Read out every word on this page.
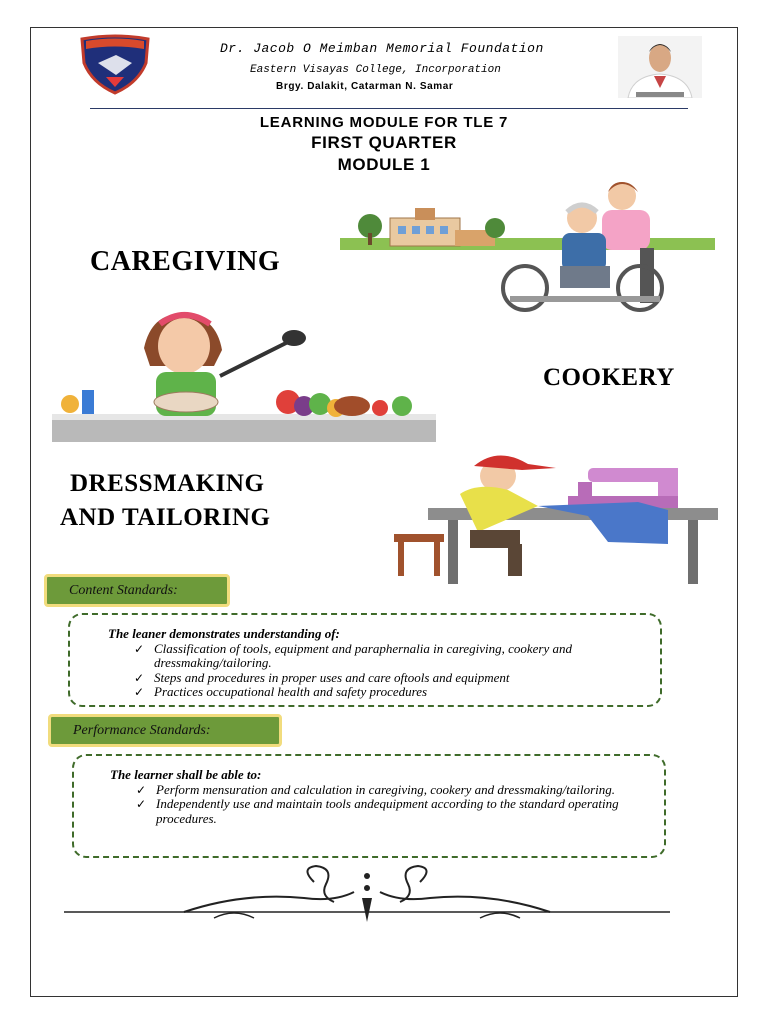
Dr. Jacob O Meimban Memorial Foundation
Eastern Visayas College, Incorporation
Brgy. Dalakit, Catarman N. Samar
LEARNING MODULE FOR TLE 7
FIRST QUARTER
MODULE 1
CAREGIVING
COOKERY
DRESSMAKING
AND TAILORING
Content Standards:
The leaner demonstrates understanding of:
✓ Classification of tools, equipment and paraphernalia in caregiving, cookery and dressmaking/tailoring.
✓ Steps and procedures in proper uses and care oftools and equipment
✓ Practices occupational health and safety procedures
Performance Standards:
The learner shall be able to:
✓ Perform mensuration and calculation in caregiving, cookery and dressmaking/tailoring.
✓ Independently use and maintain tools andequipment according to the standard operating procedures.
